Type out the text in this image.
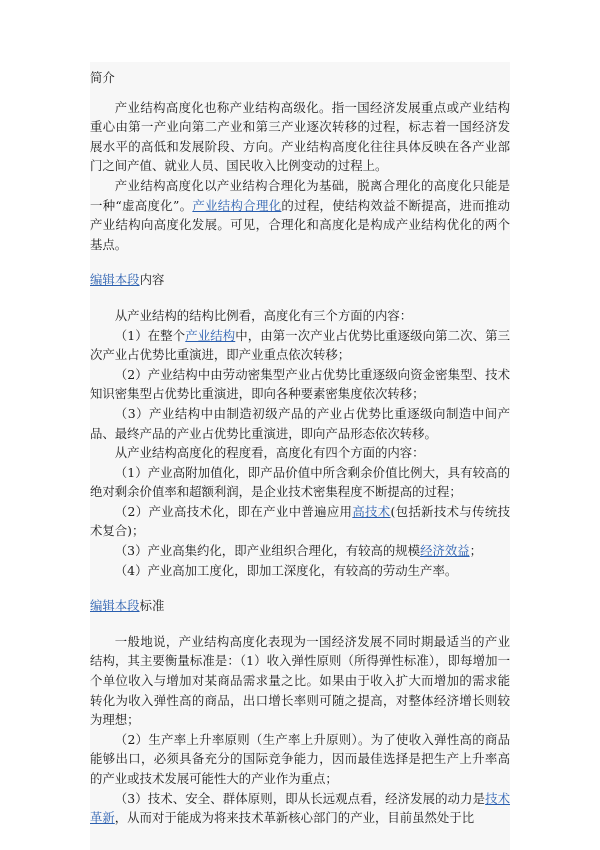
简介

产业结构高度化也称产业结构高级化。指一国经济发展重点或产业结构重心由第一产业向第二产业和第三产业逐次转移的过程，标志着一国经济发展水平的高低和发展阶段、方向。产业结构高度化往往具体反映在各产业部门之间产值、就业人员、国民收入比例变动的过程上。

产业结构高度化以产业结构合理化为基础，脱离合理化的高度化只能是一种“虚高度化”。产业结构合理化的过程，使结构效益不断提高，进而推动产业结构向高度化发展。可见，合理化和高度化是构成产业结构优化的两个基点。

编辑本段内容

从产业结构的结构比例看，高度化有三个方面的内容：

（1）在整个产业结构中，由第一次产业占优势比重逐级向第二次、第三次产业占优势比重演进，即产业重点依次转移；

（2）产业结构中由劳动密集型产业占优势比重逐级向资金密集型、技术知识密集型占优势比重演进，即向各种要素密集度依次转移；

（3）产业结构中由制造初级产品的产业占优势比重逐级向制造中间产品、最终产品的产业占优势比重演进，即向产品形态依次转移。

从产业结构高度化的程度看，高度化有四个方面的内容：

（1）产业高附加值化，即产品价值中所含剩余价值比例大，具有较高的绝对剩余价值率和超额利润，是企业技术密集程度不断提高的过程；

（2）产业高技术化，即在产业中普遍应用高技术(包括新技术与传统技术复合)；

（3）产业高集约化，即产业组织合理化，有较高的规模经济效益；

（4）产业高加工度化，即加工深度化，有较高的劳动生产率。

编辑本段标准

一般地说，产业结构高度化表现为一国经济发展不同时期最适当的产业结构，其主要衡量标准是：（1）收入弹性原则（所得弹性标准），即每增加一个单位收入与增加对某商品需求量之比。如果由于收入扩大而增加的需求能转化为收入弹性高的商品，出口增长率则可随之提高，对整体经济增长则较为理想；

（2）生产率上升率原则（生产率上升原则）。为了使收入弹性高的商品能够出口，必须具备充分的国际竞争能力，因而最佳选择是把生产上升率高的产业或技术发展可能性大的产业作为重点；

（3）技术、安全、群体原则，即从长远观点看，经济发展的动力是技术革新，从而对于能成为将来技术革新核心部门的产业，目前虽然处于比
